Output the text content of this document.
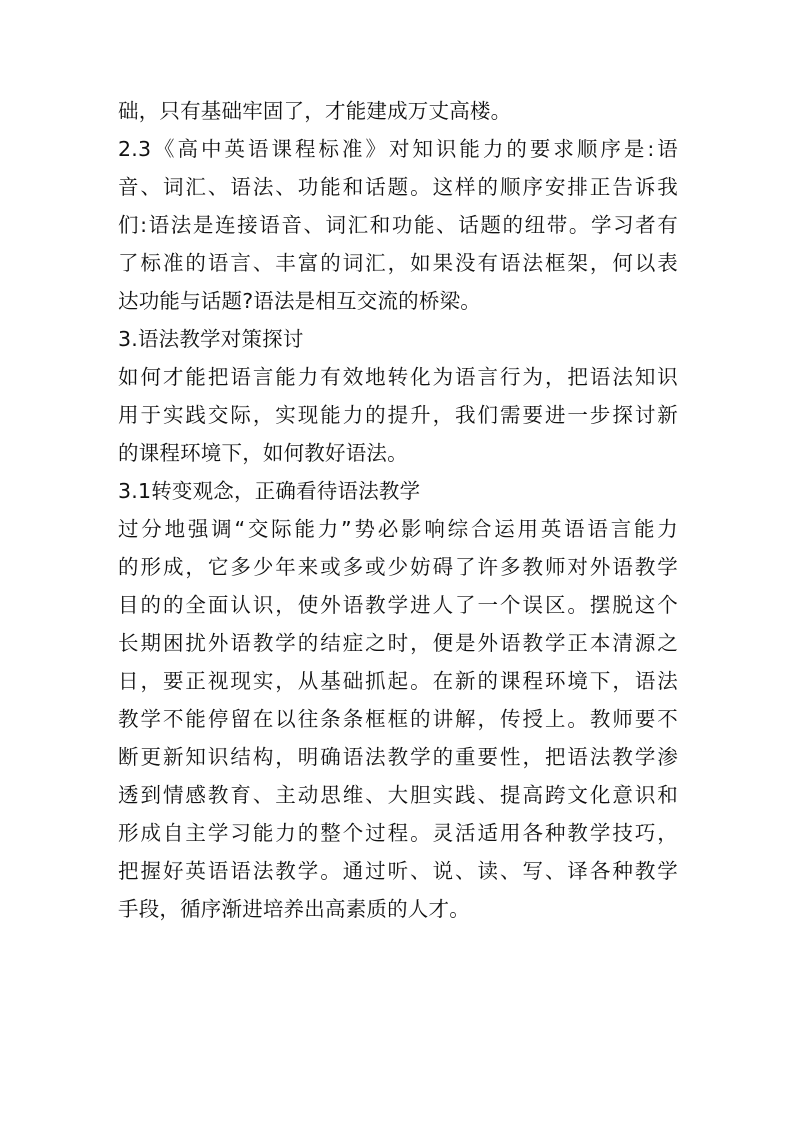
础，只有基础牢固了，才能建成万丈高楼。
2.3《高中英语课程标准》对知识能力的要求顺序是:语
音、词汇、语法、功能和话题。这样的顺序安排正告诉我
们:语法是连接语音、词汇和功能、话题的纽带。学习者有
了标准的语言、丰富的词汇，如果没有语法框架，何以表
达功能与话题?语法是相互交流的桥梁。
3.语法教学对策探讨
如何才能把语言能力有效地转化为语言行为，把语法知识
用于实践交际，实现能力的提升，我们需要进一步探讨新
的课程环境下，如何教好语法。
3.1转变观念，正确看待语法教学
过分地强调“交际能力”势必影响综合运用英语语言能力
的形成，它多少年来或多或少妨碍了许多教师对外语教学
目的的全面认识，使外语教学进人了一个误区。摆脱这个
长期困扰外语教学的结症之时，便是外语教学正本清源之
日，要正视现实，从基础抓起。在新的课程环境下，语法
教学不能停留在以往条条框框的讲解，传授上。教师要不
断更新知识结构，明确语法教学的重要性，把语法教学渗
透到情感教育、主动思维、大胆实践、提高跨文化意识和
形成自主学习能力的整个过程。灵活适用各种教学技巧，
把握好英语语法教学。通过听、说、读、写、译各种教学
手段，循序渐进培养出高素质的人才。
